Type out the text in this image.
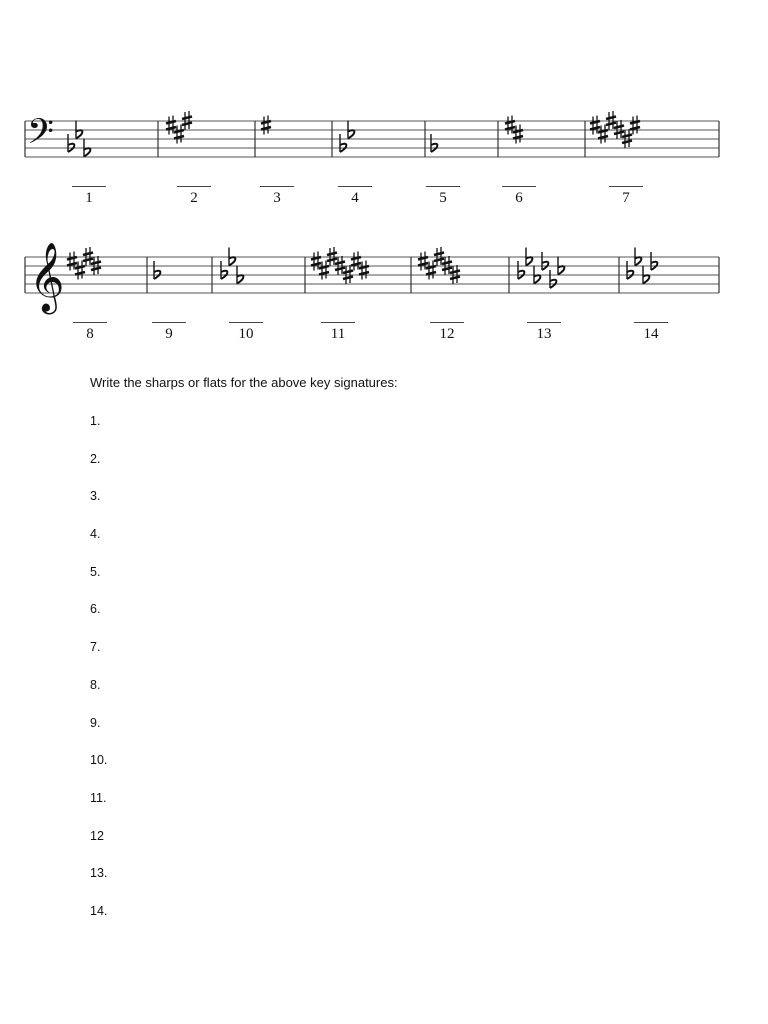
𝄢
𝄞
1	2	3	4	5	6	7
8	9	10	11	12	13	14
Write the sharps or flats for the above key signatures:
1.
2.
3.
4.
5.
6.
7.
8.
9.
10.
11.
12
13.
14.
